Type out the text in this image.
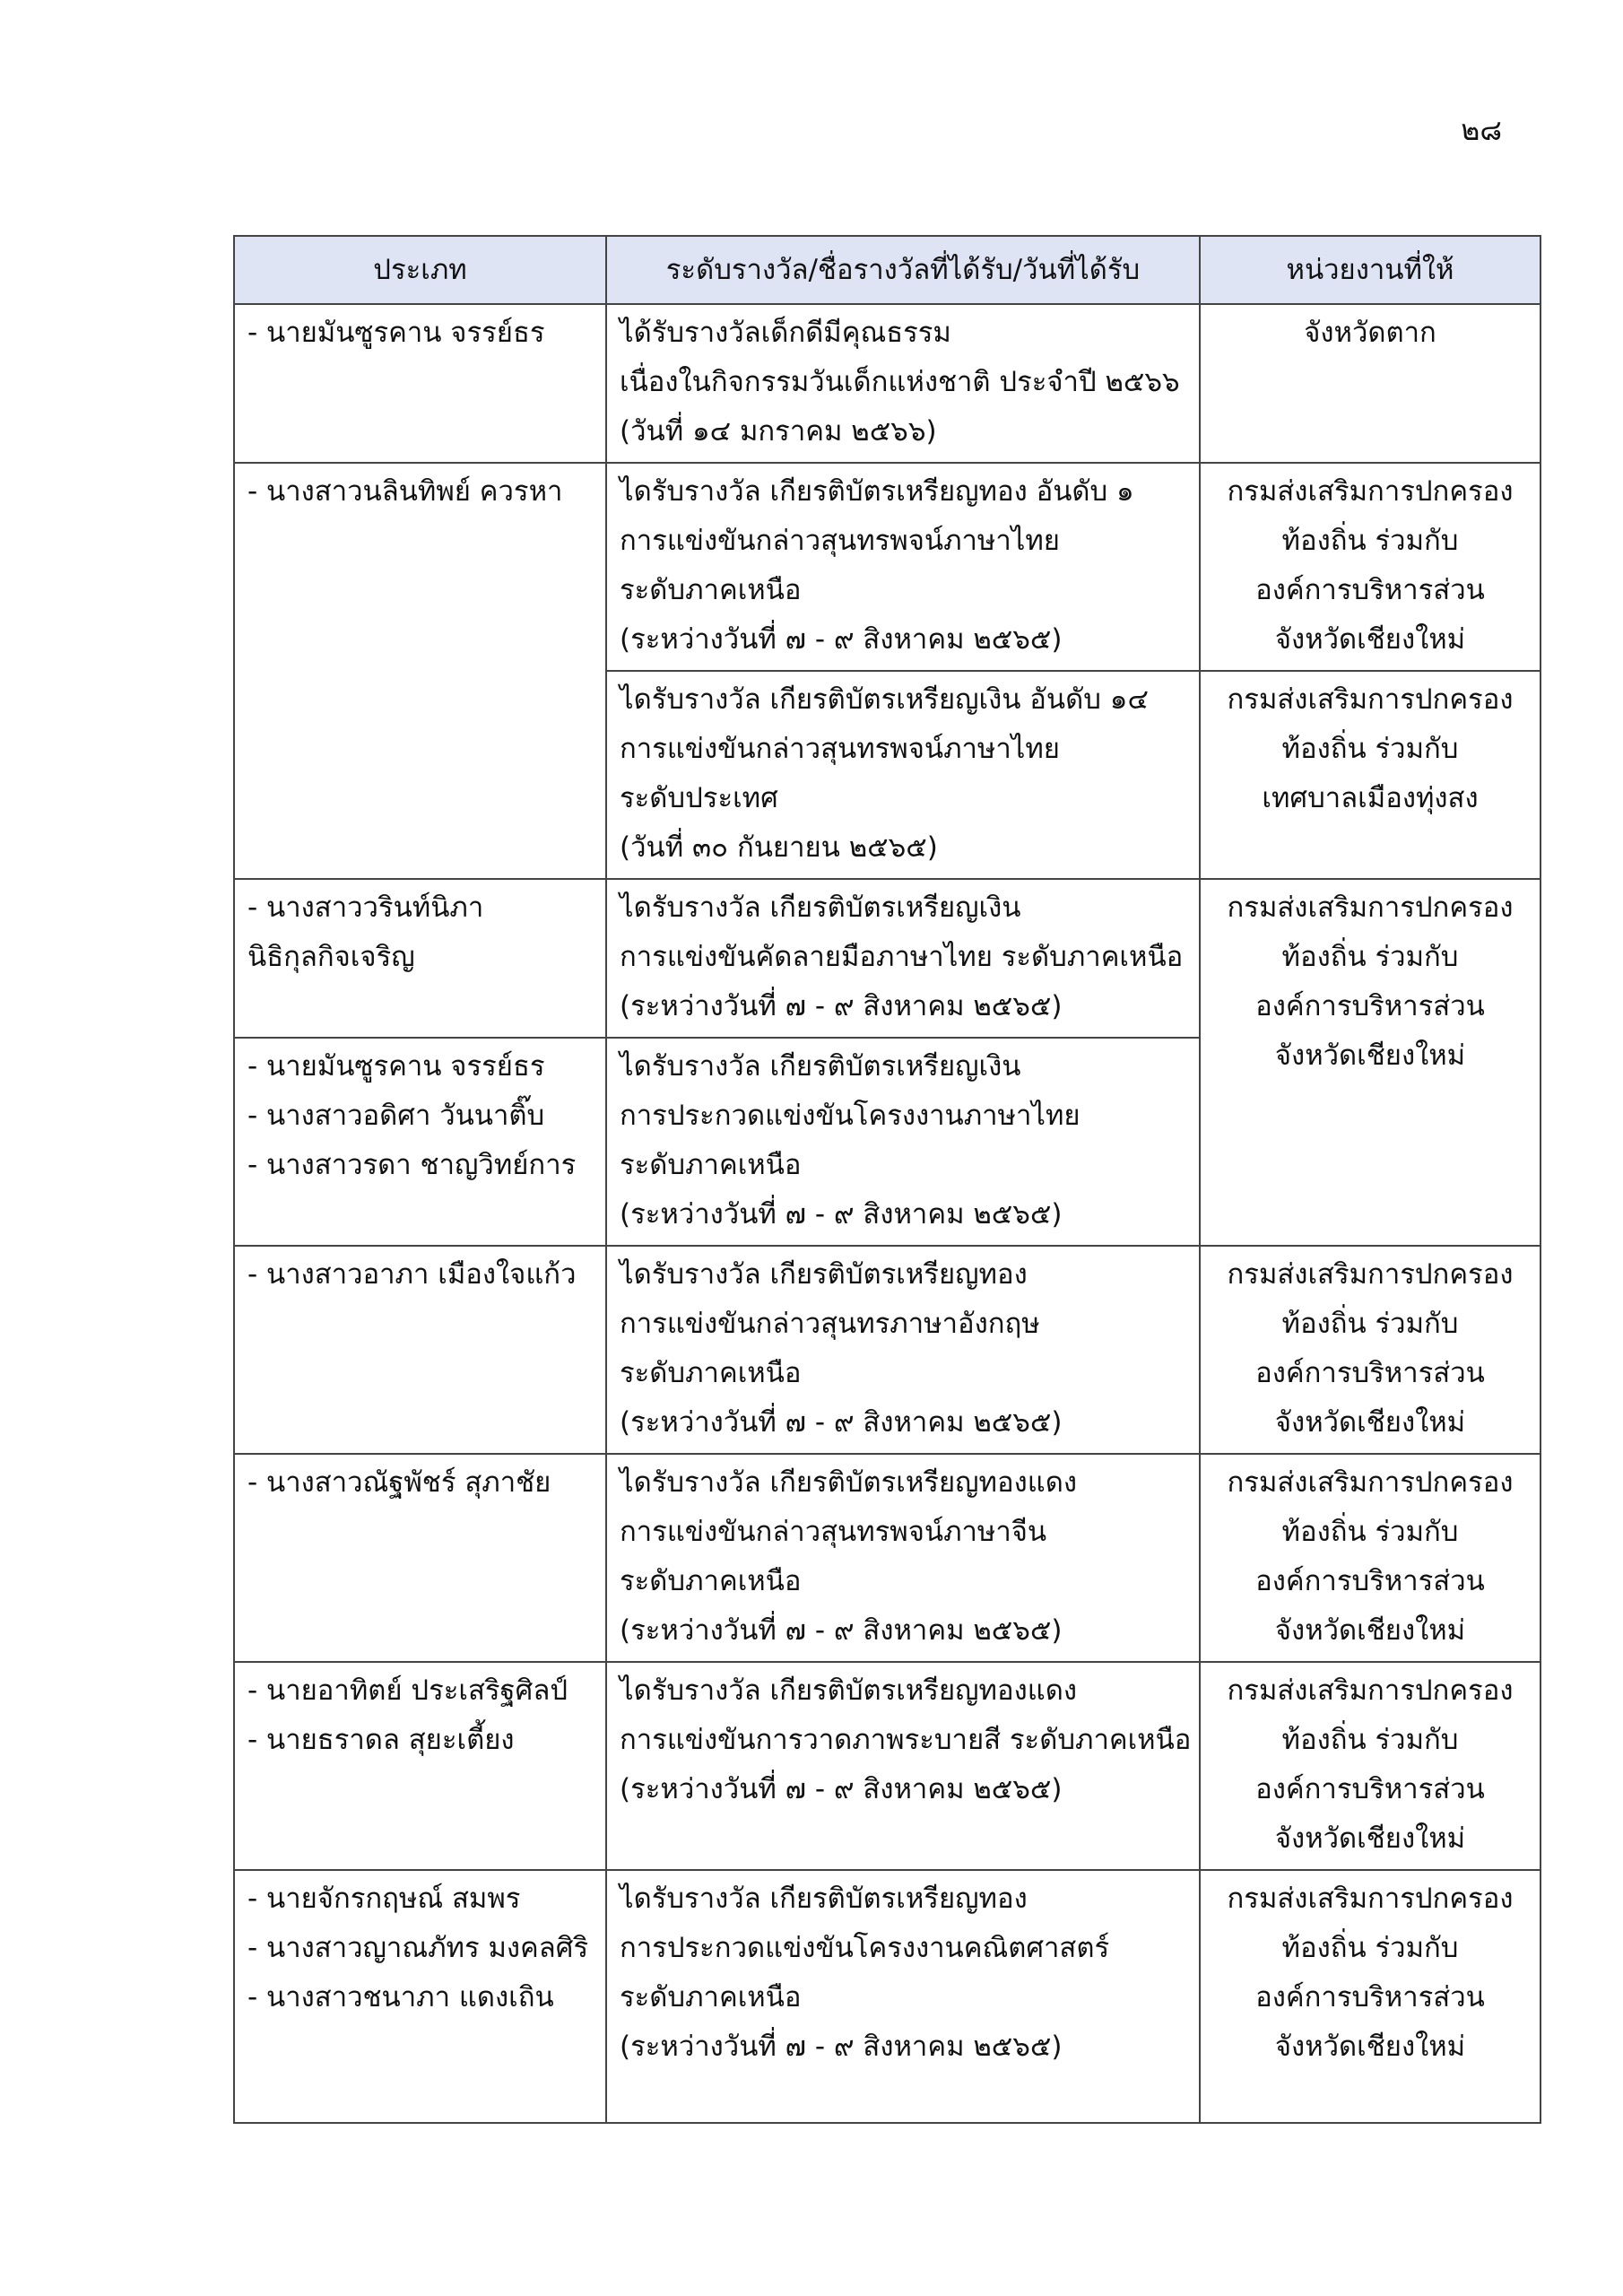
๒๘
ประเภท	ระดับรางวัล/ชื่อรางวัลที่ได้รับ/วันที่ได้รับ	หน่วยงานที่ให้

- นายมันซูรคาน จรรย์ธร	ได้รับรางวัลเด็กดีมีคุณธรรม
เนื่องในกิจกรรมวันเด็กแห่งชาติ ประจำปี ๒๕๖๖
(วันที่ ๑๔ มกราคม ๒๕๖๖)	จังหวัดตาก

- นางสาวนลินทิพย์ ควรหา	ไดรับรางวัล เกียรติบัตรเหรียญทอง อันดับ ๑
การแข่งขันกล่าวสุนทรพจน์ภาษาไทย
ระดับภาคเหนือ
(ระหว่างวันที่ ๗ - ๙ สิงหาคม ๒๕๖๕)	กรมส่งเสริมการปกครอง
ท้องถิ่น ร่วมกับ
องค์การบริหารส่วน
จังหวัดเชียงใหม่

	ไดรับรางวัล เกียรติบัตรเหรียญเงิน อันดับ ๑๔
การแข่งขันกล่าวสุนทรพจน์ภาษาไทย
ระดับประเทศ
(วันที่ ๓๐ กันยายน ๒๕๖๕)	กรมส่งเสริมการปกครอง
ท้องถิ่น ร่วมกับ
เทศบาลเมืองทุ่งสง

- นางสาววรินท์นิภา
นิธิกุลกิจเจริญ	ไดรับรางวัล เกียรติบัตรเหรียญเงิน
การแข่งขันคัดลายมือภาษาไทย ระดับภาคเหนือ
(ระหว่างวันที่ ๗ - ๙ สิงหาคม ๒๕๖๕)	กรมส่งเสริมการปกครอง
ท้องถิ่น ร่วมกับ
องค์การบริหารส่วน
จังหวัดเชียงใหม่

- นายมันซูรคาน จรรย์ธร
- นางสาวอดิศา วันนาติ๊บ
- นางสาวรดา ชาญวิทย์การ	ไดรับรางวัล เกียรติบัตรเหรียญเงิน
การประกวดแข่งขันโครงงานภาษาไทย
ระดับภาคเหนือ
(ระหว่างวันที่ ๗ - ๙ สิงหาคม ๒๕๖๕)	

- นางสาวอาภา เมืองใจแก้ว	ไดรับรางวัล เกียรติบัตรเหรียญทอง
การแข่งขันกล่าวสุนทรภาษาอังกฤษ
ระดับภาคเหนือ
(ระหว่างวันที่ ๗ - ๙ สิงหาคม ๒๕๖๕)	กรมส่งเสริมการปกครอง
ท้องถิ่น ร่วมกับ
องค์การบริหารส่วน
จังหวัดเชียงใหม่

- นางสาวณัฐพัชร์ สุภาชัย	ไดรับรางวัล เกียรติบัตรเหรียญทองแดง
การแข่งขันกล่าวสุนทรพจน์ภาษาจีน
ระดับภาคเหนือ
(ระหว่างวันที่ ๗ - ๙ สิงหาคม ๒๕๖๕)	กรมส่งเสริมการปกครอง
ท้องถิ่น ร่วมกับ
องค์การบริหารส่วน
จังหวัดเชียงใหม่

- นายอาทิตย์ ประเสริฐศิลป์
- นายธราดล สุยะเตี้ยง	ไดรับรางวัล เกียรติบัตรเหรียญทองแดง
การแข่งขันการวาดภาพระบายสี ระดับภาคเหนือ
(ระหว่างวันที่ ๗ - ๙ สิงหาคม ๒๕๖๕)	กรมส่งเสริมการปกครอง
ท้องถิ่น ร่วมกับ
องค์การบริหารส่วน
จังหวัดเชียงใหม่

- นายจักรกฤษณ์ สมพร
- นางสาวญาณภัทร มงคลศิริ
- นางสาวชนาภา แดงเถิน	ไดรับรางวัล เกียรติบัตรเหรียญทอง
การประกวดแข่งขันโครงงานคณิตศาสตร์
ระดับภาคเหนือ
(ระหว่างวันที่ ๗ - ๙ สิงหาคม ๒๕๖๕)	กรมส่งเสริมการปกครอง
ท้องถิ่น ร่วมกับ
องค์การบริหารส่วน
จังหวัดเชียงใหม่
